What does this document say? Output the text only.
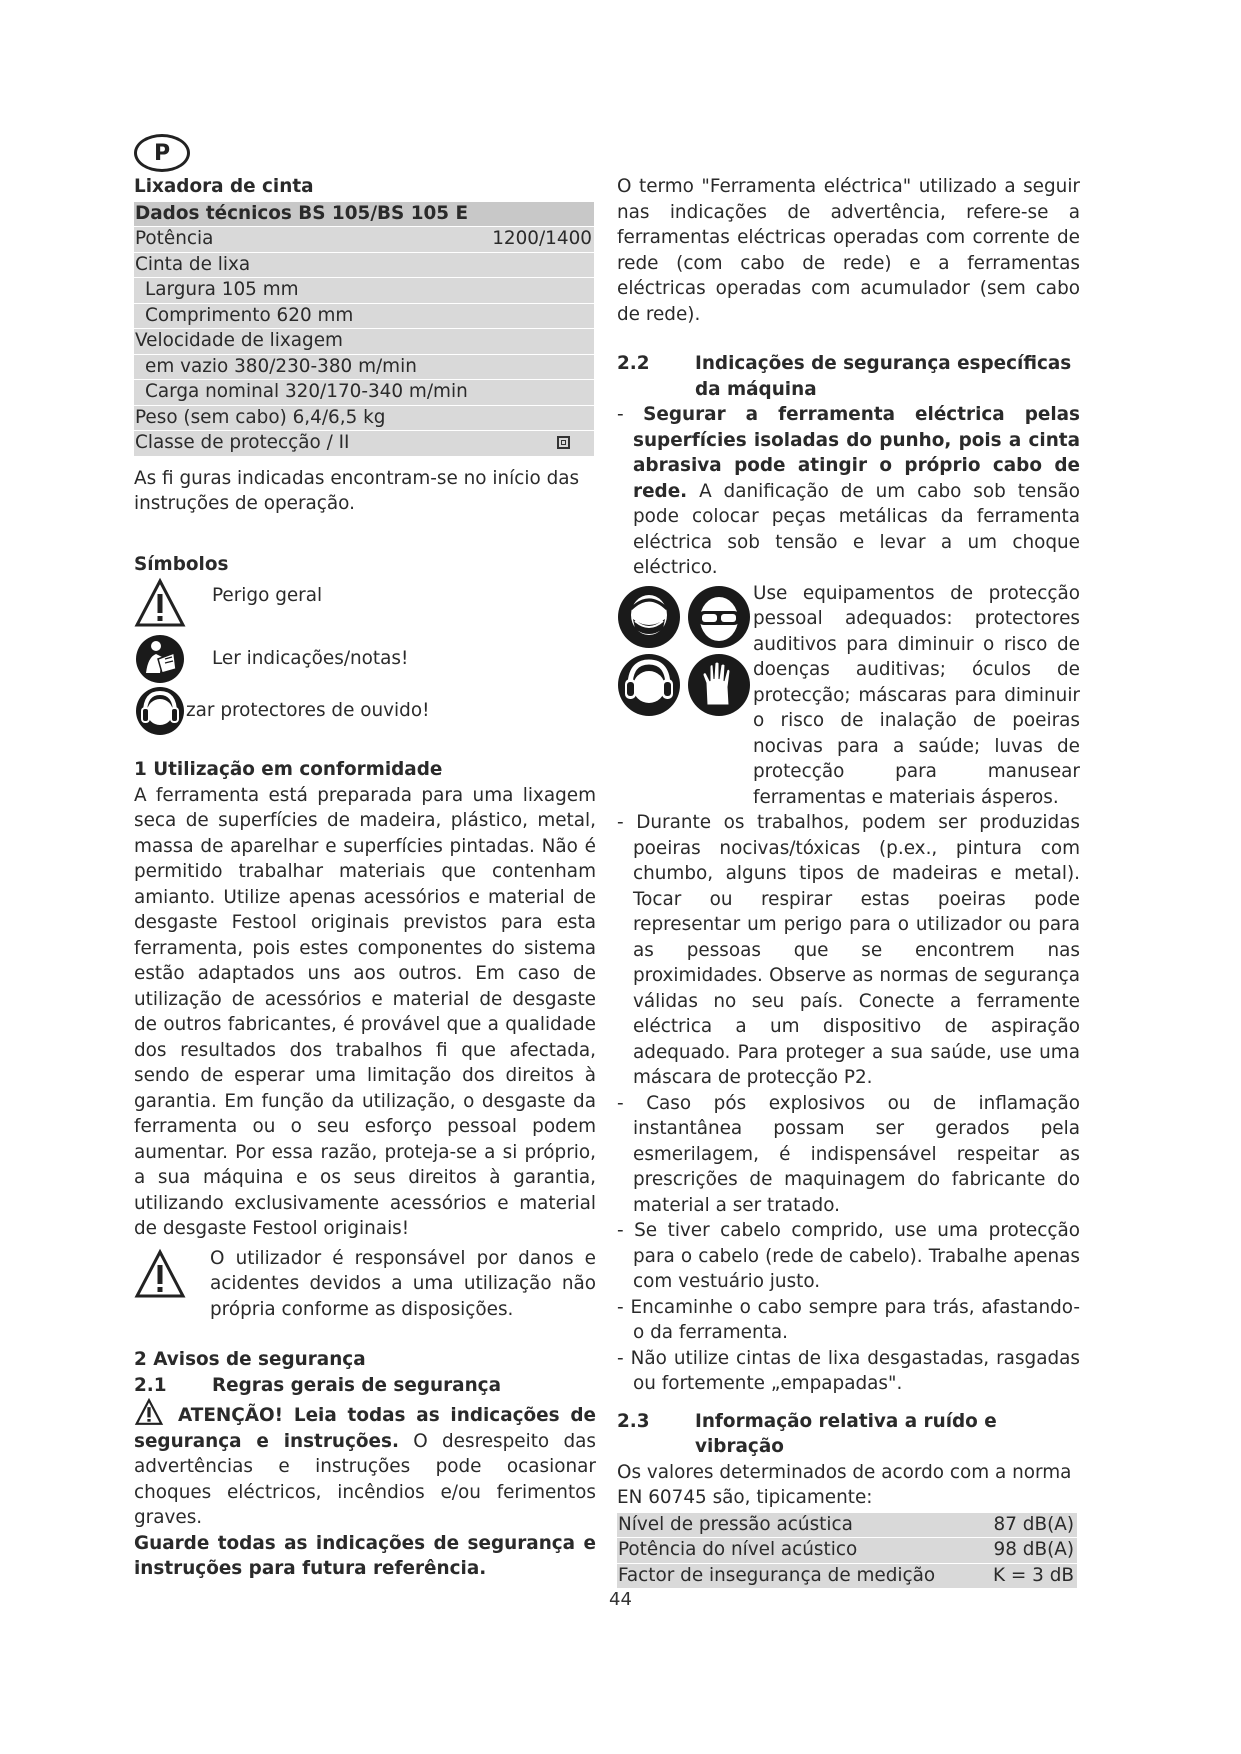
P

Lixadora de cinta

Dados técnicos BS 105/BS 105 E
Potência	1200/1400
Cinta de lixa
Largura 105 mm
Comprimento 620 mm
Velocidade de lixagem
em vazio 380/230-380 m/min
Carga nominal 320/170-340 m/min
Peso (sem cabo) 6,4/6,5 kg
Classe de protecção / II

As fi guras indicadas encontram-se no início das instruções de operação.

Símbolos

Perigo geral
Ler indicações/notas!
zar protectores de ouvido!

1 Utilização em conformidade

A ferramenta está preparada para uma lixagem seca de superfícies de madeira, plástico, metal, massa de aparelhar e superfícies pintadas. Não é permitido trabalhar materiais que contenham amianto. Utilize apenas acessórios e material de desgaste Festool originais previstos para esta ferramenta, pois estes componentes do sistema estão adaptados uns aos outros. Em caso de utilização de acessórios e material de desgaste de outros fabricantes, é provável que a qualidade dos resultados dos trabalhos fi que afectada, sendo de esperar uma limitação dos direitos à garantia. Em função da utilização, o desgaste da ferramenta ou o seu esforço pessoal podem aumentar. Por essa razão, proteja-se a si próprio, a sua máquina e os seus direitos à garantia, utilizando exclusivamente acessórios e material de desgaste Festool originais!

O utilizador é responsável por danos e acidentes devidos a uma utilização não própria conforme as disposições.

2 Avisos de segurança

2.1 Regras gerais de segurança

ATENÇÃO! Leia todas as indicações de segurança e instruções. O desrespeito das advertências e instruções pode ocasionar choques eléctricos, incêndios e/ou ferimentos graves.

Guarde todas as indicações de segurança e instruções para futura referência.

O termo "Ferramenta eléctrica" utilizado a seguir nas indicações de advertência, refere-se a ferramentas eléctricas operadas com corrente de rede (com cabo de rede) e a ferramentas eléctricas operadas com acumulador (sem cabo de rede).

2.2	Indicações de segurança específicas da máquina

- Segurar a ferramenta eléctrica pelas superfícies isoladas do punho, pois a cinta abrasiva pode atingir o próprio cabo de rede. A danificação de um cabo sob tensão pode colocar peças metálicas da ferramenta eléctrica sob tensão e levar a um choque eléctrico.

Use equipamentos de protecção pessoal adequados: protectores auditivos para diminuir o risco de doenças auditivas; óculos de protecção; máscaras para diminuir o risco de inalação de poeiras nocivas para a saúde; luvas de protecção para manusear ferramentas e materiais ásperos.

- Durante os trabalhos, podem ser produzidas poeiras nocivas/tóxicas (p.ex., pintura com chumbo, alguns tipos de madeiras e metal). Tocar ou respirar estas poeiras pode representar um perigo para o utilizador ou para as pessoas que se encontrem nas proximidades. Observe as normas de segurança válidas no seu país. Conecte a ferramente eléctrica a um dispositivo de aspiração adequado. Para proteger a sua saúde, use uma máscara de protecção P2.

- Caso pós explosivos ou de inflamação instantânea possam ser gerados pela esmerilagem, é indispensável respeitar as prescrições de maquinagem do fabricante do material a ser tratado.

- Se tiver cabelo comprido, use uma protecção para o cabelo (rede de cabelo). Trabalhe apenas com vestuário justo.

- Encaminhe o cabo sempre para trás, afastando-o da ferramenta.

- Não utilize cintas de lixa desgastadas, rasgadas ou fortemente „empapadas".

2.3	Informação relativa a ruído e vibração

Os valores determinados de acordo com a norma EN 60745 são, tipicamente:

Nível de pressão acústica	87 dB(A)
Potência do nível acústico	98 dB(A)
Factor de insegurança de medição	K = 3 dB
44
